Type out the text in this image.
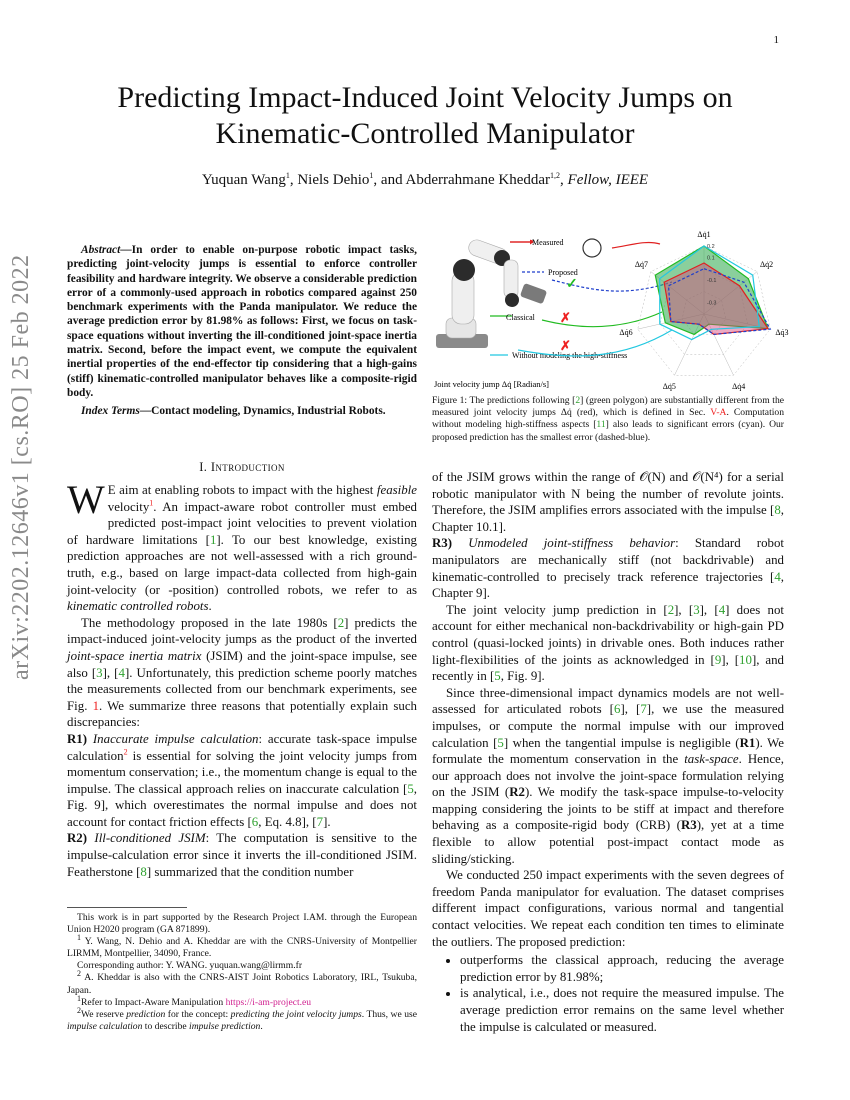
1
Predicting Impact-Induced Joint Velocity Jumps on
Kinematic-Controlled Manipulator
Yuquan Wang$^1$, Niels Dehio$^1$, and Abderrahmane Kheddar$^{1,2}$, Fellow, IEEE
arXiv:2202.12646v1 [cs.RO] 25 Feb 2022
Abstract—In order to enable on-purpose robotic impact tasks, predicting joint-velocity jumps is essential to enforce controller feasibility and hardware integrity. We observe a considerable prediction error of a commonly-used approach in robotics compared against 250 benchmark experiments with the Panda manipulator. We reduce the average prediction error by 81.98% as follows: First, we focus on task-space equations without inverting the ill-conditioned joint-space inertia matrix. Second, before the impact event, we compute the equivalent inertial properties of the end-effector tip considering that a high-gains (stiff) kinematic-controlled manipulator behaves like a composite-rigid body.
Index Terms—Contact modeling, Dynamics, Industrial Robots.
I. Introduction

W E aim at enabling robots to impact with the highest feasible velocity$^1$. An impact-aware robot controller must embed predicted post-impact joint velocities to prevent violation of hardware limitations [1]. To our best knowledge, existing prediction approaches are not well-assessed with a rich ground-truth, e.g., based on large impact-data collected from high-gain joint-velocity (or -position) controlled robots, we refer to as kinematic controlled robots.

The methodology proposed in the late 1980s [2] predicts the impact-induced joint-velocity jumps as the product of the inverted joint-space inertia matrix (JSIM) and the joint-space impulse, see also [3], [4]. Unfortunately, this prediction scheme poorly matches the measurements collected from our benchmark experiments, see Fig. 1. We summarize three reasons that potentially explain such discrepancies:

R1) Inaccurate impulse calculation: accurate task-space impulse calculation$^2$ is essential for solving the joint velocity jumps from momentum conservation; i.e., the momentum change is equal to the impulse. The classical approach relies on inaccurate calculation [5, Fig. 9], which overestimates the normal impulse and does not account for contact friction effects [6, Eq. 4.8], [7].

R2) Ill-conditioned JSIM: The computation is sensitive to the impulse-calculation error since it inverts the ill-conditioned JSIM. Featherstone [8] summarized that the condition number

This work is in part supported by the Research Project I.AM. through the European Union H2020 program (GA 871899).

$^1$ Y. Wang, N. Dehio and A. Kheddar are with the CNRS-University of Montpellier LIRMM, Montpellier, 34090, France.

Corresponding author: Y. WANG. yuquan.wang@lirmm.fr

$^2$ A. Kheddar is also with the CNRS-AIST Joint Robotics Laboratory, IRL, Tsukuba, Japan.

$^1$Refer to Impact-Aware Manipulation https://i-am-project.eu

$^2$We reserve prediction for the concept: predicting the joint velocity jumps. Thus, we use impulse calculation to describe impulse prediction.

Measured
Proposed
Classical
Without modeling the high-stiffness
✓
✗
✗
Δq̇1
Δq̇2
Δq̇3
Δq̇4
Δq̇5
Δq̇6
Δq̇7
-0.3
-0.1
0.1
0.2
Joint velocity jump Δq̇ [Radian/s]
Figure 1: The predictions following [2] (green polygon) are substantially different from the measured joint velocity jumps Δq̇ (red), which is defined in Sec. V-A. Computation without modeling high-stiffness aspects [11] also leads to significant errors (cyan). Our proposed prediction has the smallest error (dashed-blue).

of the JSIM grows within the range of 𝒪(N) and 𝒪(N⁴) for a serial robotic manipulator with N being the number of revolute joints. Therefore, the JSIM amplifies errors associated with the impulse [8, Chapter 10.1].

R3) Unmodeled joint-stiffness behavior: Standard robot manipulators are mechanically stiff (not backdrivable) and kinematic-controlled to precisely track reference trajectories [4, Chapter 9].

The joint velocity jump prediction in [2], [3], [4] does not account for either mechanical non-backdrivability or high-gain PD control (quasi-locked joints) in drivable ones. Both induces rather light-flexibilities of the joints as acknowledged in [9], [10], and recently in [5, Fig. 9].

Since three-dimensional impact dynamics models are not well-assessed for articulated robots [6], [7], we use the measured impulses, or compute the normal impulse with our improved calculation [5] when the tangential impulse is negligible (R1). We formulate the momentum conservation in the task-space. Hence, our approach does not involve the joint-space formulation relying on the JSIM (R2). We modify the task-space impulse-to-velocity mapping considering the joints to be stiff at impact and therefore behaving as a composite-rigid body (CRB) (R3), yet at a time flexible to allow potential post-impact contact mode as sliding/sticking.

We conducted 250 impact experiments with the seven degrees of freedom Panda manipulator for evaluation. The dataset comprises different impact configurations, various normal and tangential contact velocities. We repeat each condition ten times to eliminate the outliers. The proposed prediction:

• outperforms the classical approach, reducing the average prediction error by 81.98%;
• is analytical, i.e., does not require the measured impulse. The average prediction error remains on the same level whether the impulse is calculated or measured.
